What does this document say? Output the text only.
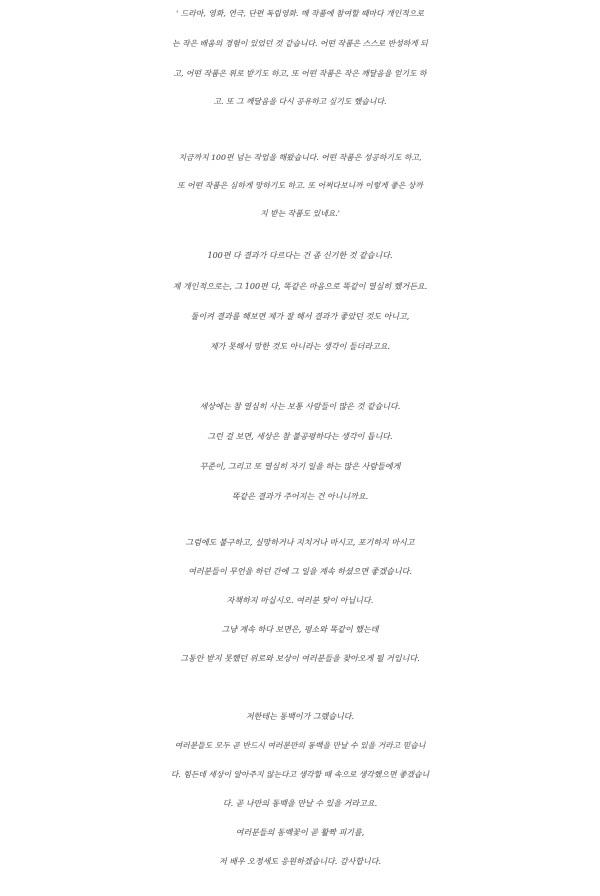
' 드라마, 영화, 연극, 단편 독립영화. 매 작품에 참여할 때마다 개인적으로
는 작은 배움의 경험이 있었던 것 같습니다. 어떤 작품은 스스로 반성하게 되
고, 어떤 작품은 위로 받기도 하고, 또 어떤 작품은 작은 깨달음을 얻기도 하
고. 또 그 깨달음을 다시 공유하고 싶기도 했습니다.
지금까지 100편 넘는 작업을 해왔습니다. 어떤 작품은 성공하기도 하고,
또 어떤 작품은 심하게 망하기도 하고. 또 어쩌다보니까 이렇게 좋은 상까
지 받는 작품도 있네요.'
100편 다 결과가 다르다는 건 좀 신기한 것 같습니다.
제 개인적으로는, 그 100편 다, 똑같은 마음으로 똑같이 열심히 했거든요.
돌이켜 결과를 해보면 제가 잘 해서 결과가 좋았던 것도 아니고,
제가 못해서 망한 것도 아니라는 생각이 들더라고요.
세상에는 참 열심히 사는 보통 사람들이 많은 것 같습니다.
그런 걸 보면, 세상은 참 불공평하다는 생각이 듭니다.
꾸준이, 그리고 또 열심히 자기 일을 하는 많은 사람들에게
똑같은 결과가 주어지는 건 아니니까요.
그럼에도 불구하고, 실망하거나 지치거나 마시고, 포기하지 마시고
여러분들이 무언을 하던 간에 그 일을 계속 하셨으면 좋겠습니다.
자책하지 마십시오. 여러분 탓이 아닙니다.
그냥 계속 하다 보면은, 평소와 똑같이 했는데
그동안 받지 못했던 위로와 보상이 여러분들을 찾아오게 될 거입니다.
저한테는 동백이가 그랬습니다.
여러분들도 모두 곧 반드시 여러분만의 동백을 만날 수 있을 거라고 믿습니
다. 힘든데 세상이 알아주지 않는다고 생각할 때 속으로 생각했으면 좋겠습니
다. 곧 나만의 동백을 만날 수 있을 거라고요.
여러분들의 동백꽃이 곧 활짝 피기를,
저 배우 오정세도 응원하겠습니다. 감사합니다.
